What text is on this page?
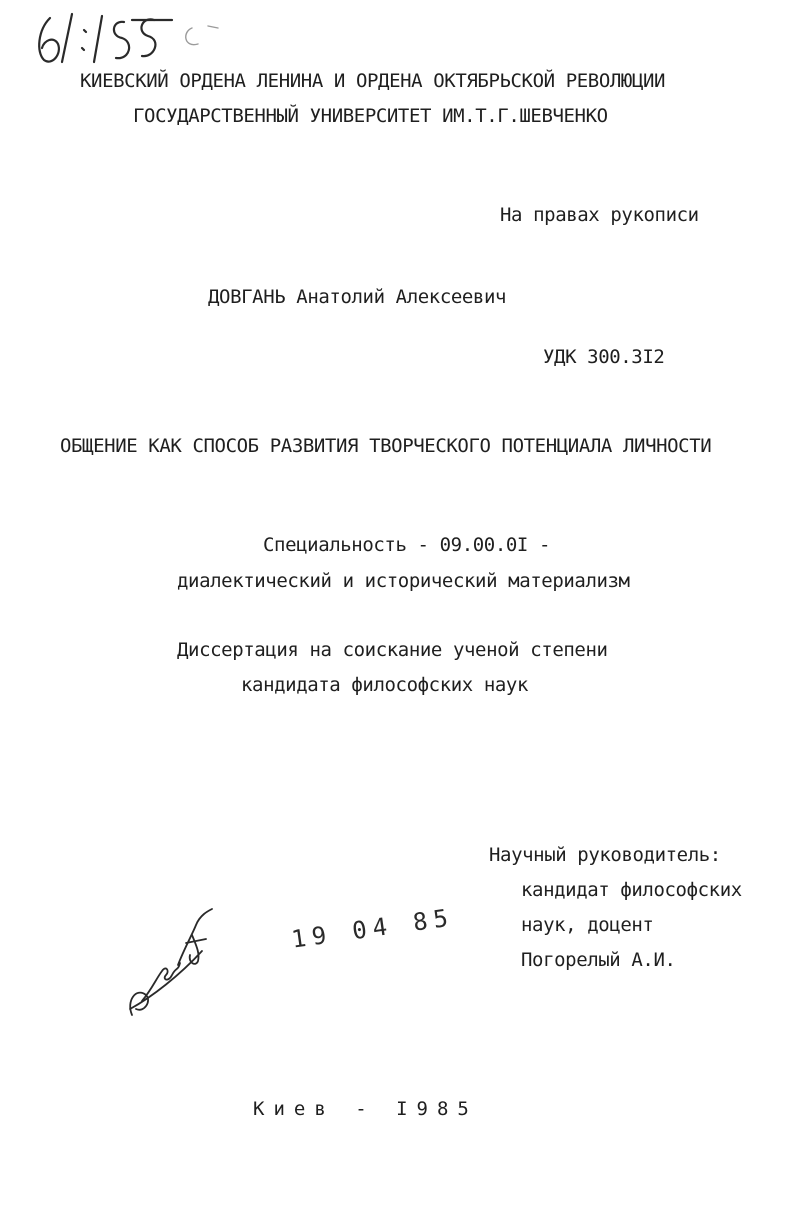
КИЕВСКИЙ ОРДЕНА ЛЕНИНА И ОРДЕНА ОКТЯБРЬСКОЙ РЕВОЛЮЦИИ
ГОСУДАРСТВЕННЫЙ УНИВЕРСИТЕТ ИМ.Т.Г.ШЕВЧЕНКО
На правах рукописи
ДОВГАНЬ Анатолий Алексеевич
УДК 300.3I2
ОБЩЕНИЕ КАК СПОСОБ РАЗВИТИЯ ТВОРЧЕСКОГО ПОТЕНЦИАЛА ЛИЧНОСТИ
Специальность - 09.00.0I -
диалектический и исторический материализм
Диссертация на соискание ученой степени
кандидата философских наук
Научный руководитель:
кандидат философских
наук, доцент
Погорелый А.И.
19 04 85
Киев - I985
